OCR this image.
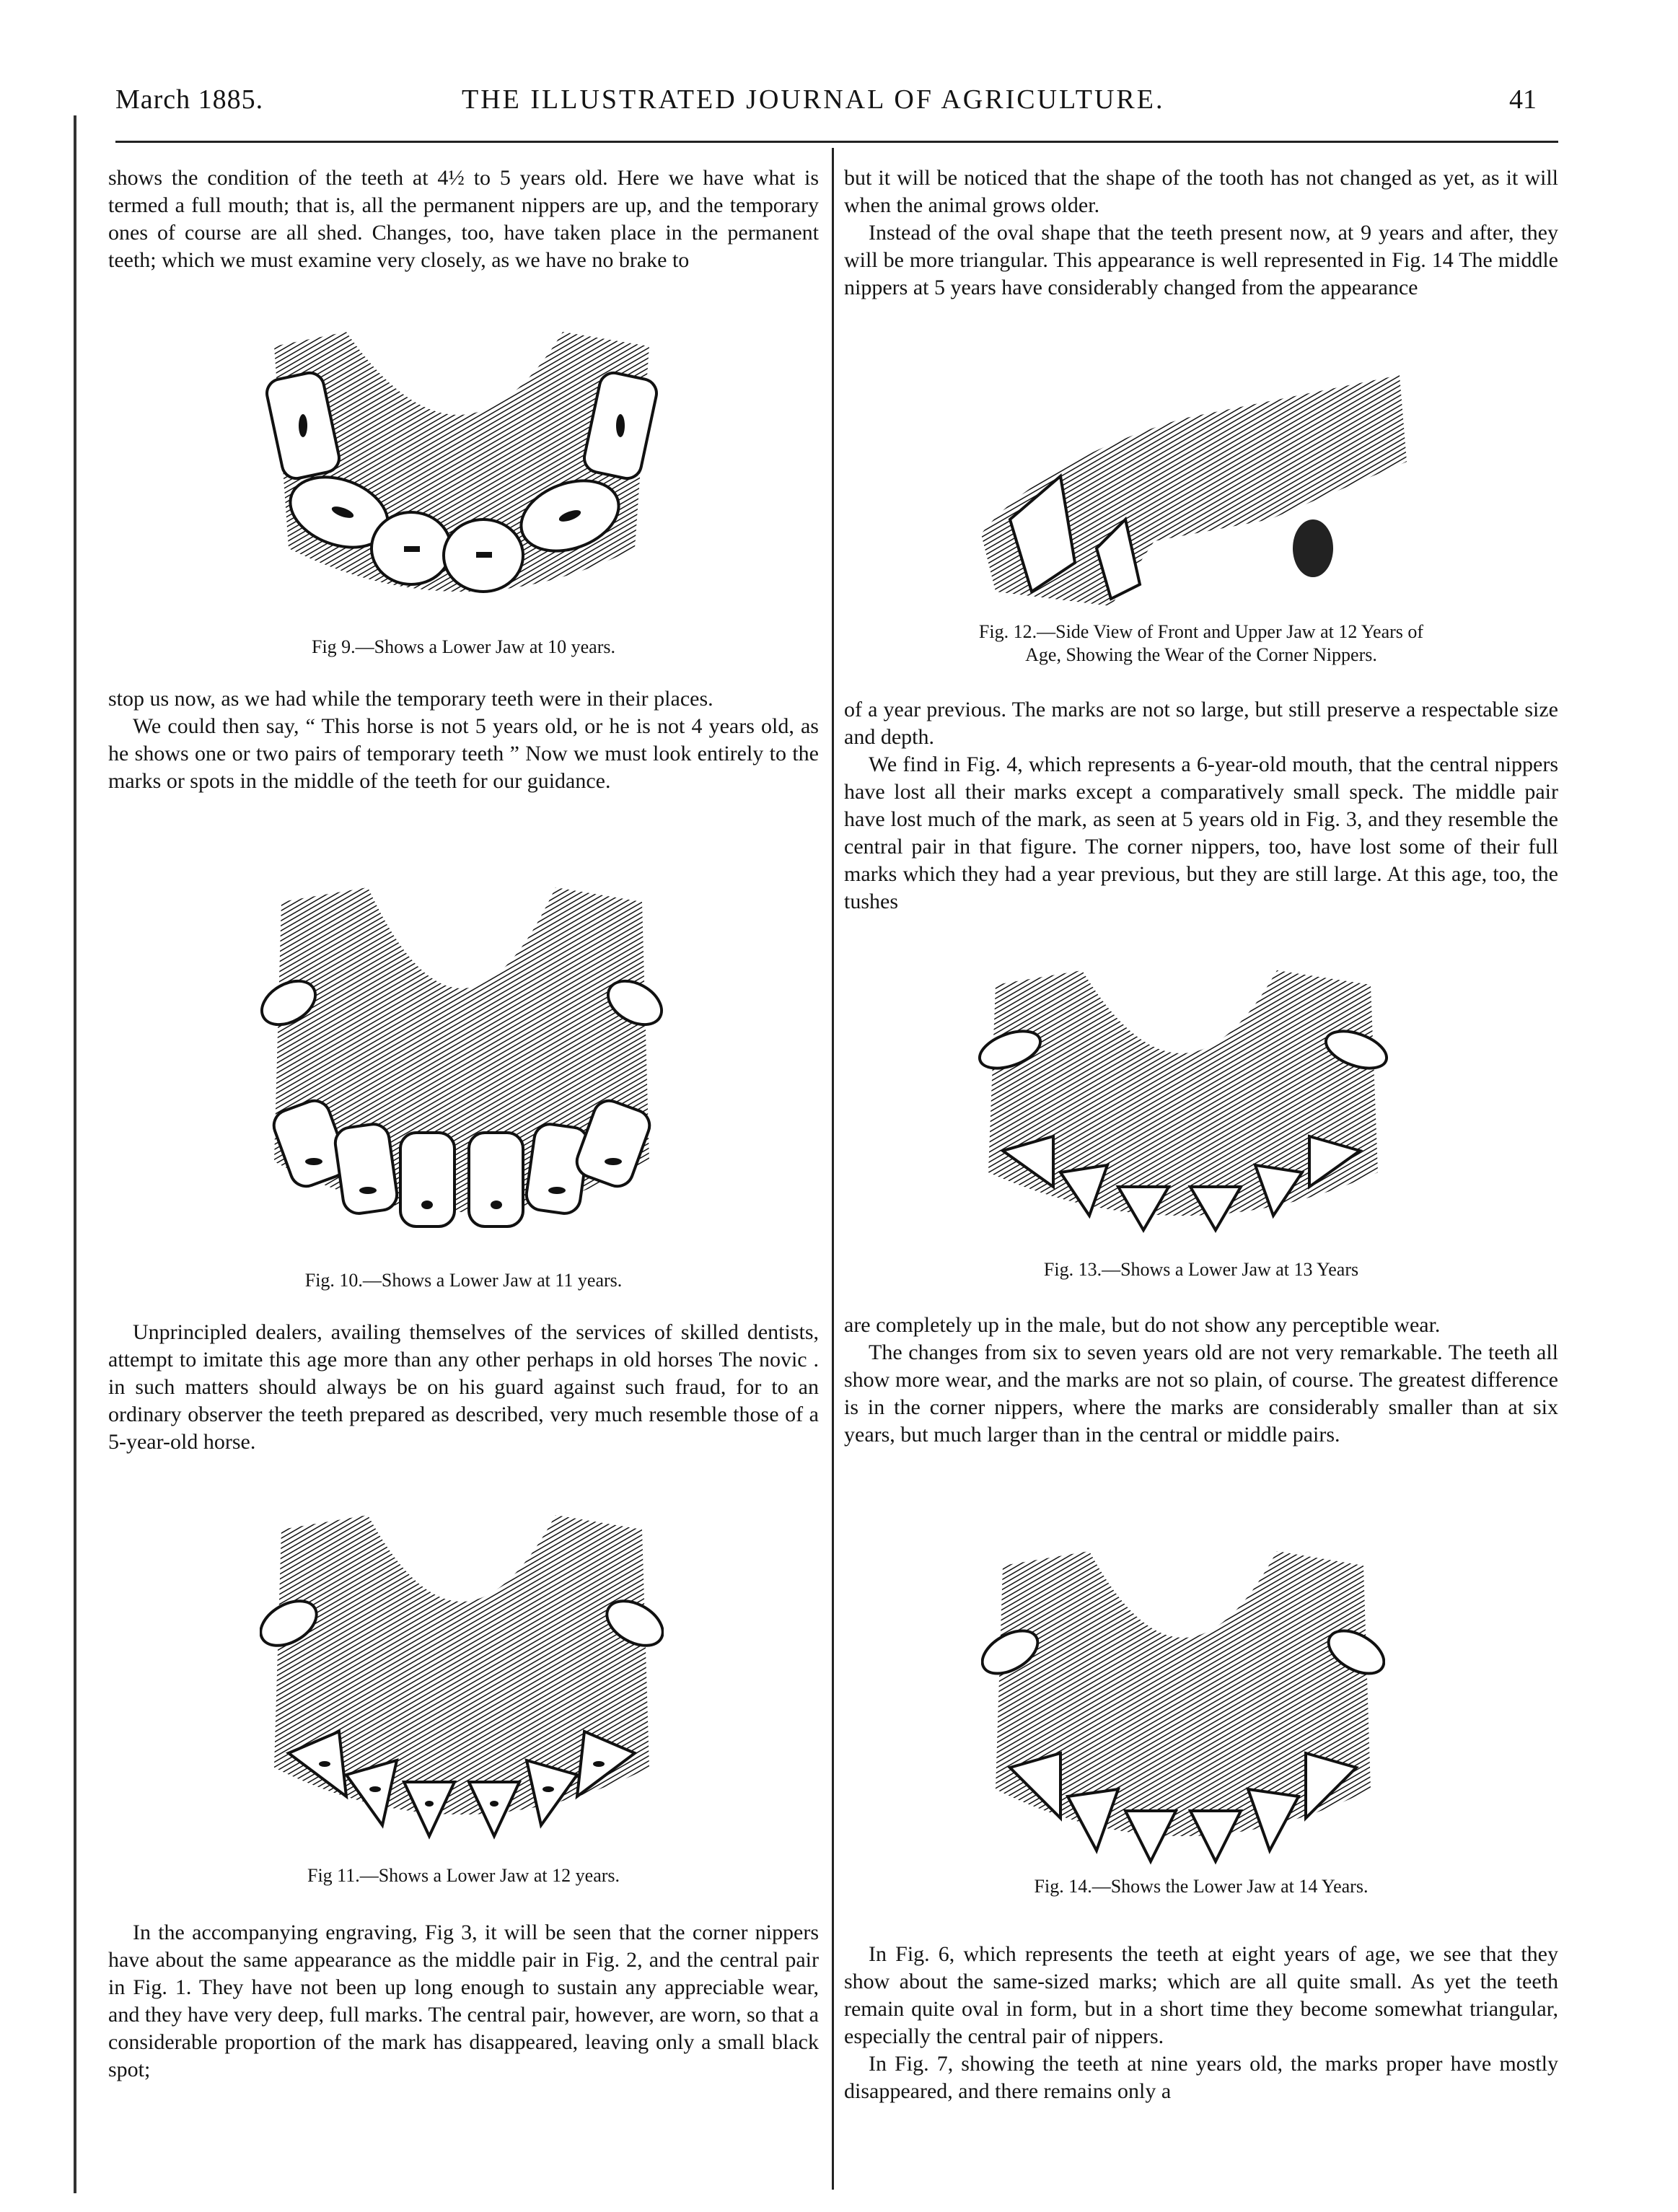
March 1885.	THE ILLUSTRATED JOURNAL OF AGRICULTURE.	41

shows the condition of the teeth at 4½ to 5 years old. Here we have what is termed a full mouth; that is, all the permanent nippers are up, and the temporary ones of course are all shed. Changes, too, have taken place in the permanent teeth; which we must examine very closely, as we have no brake to

Fig 9.—Shows a Lower Jaw at 10 years.

stop us now, as we had while the temporary teeth were in their places.

We could then say, “ This horse is not 5 years old, or he is not 4 years old, as he shows one or two pairs of temporary teeth ” Now we must look entirely to the marks or spots in the middle of the teeth for our guidance.

Fig. 10.—Shows a Lower Jaw at 11 years.

Unprincipled dealers, availing themselves of the services of skilled dentists, attempt to imitate this age more than any other perhaps in old horses The novic . in such matters should always be on his guard against such fraud, for to an ordinary observer the teeth prepared as described, very much resemble those of a 5-year-old horse.

Fig 11.—Shows a Lower Jaw at 12 years.

In the accompanying engraving, Fig 3, it will be seen that the corner nippers have about the same appearance as the middle pair in Fig. 2, and the central pair in Fig. 1. They have not been up long enough to sustain any appreciable wear, and they have very deep, full marks. The central pair, however, are worn, so that a considerable proportion of the mark has disappeared, leaving only a small black spot;

but it will be noticed that the shape of the tooth has not changed as yet, as it will when the animal grows older.

Instead of the oval shape that the teeth present now, at 9 years and after, they will be more triangular. This appearance is well represented in Fig. 14 The middle nippers at 5 years have considerably changed from the appearance

Fig. 12.—Side View of Front and Upper Jaw at 12 Years of
Age, Showing the Wear of the Corner Nippers.

of a year previous. The marks are not so large, but still preserve a respectable size and depth.

We find in Fig. 4, which represents a 6-year-old mouth, that the central nippers have lost all their marks except a comparatively small speck. The middle pair have lost much of the mark, as seen at 5 years old in Fig. 3, and they resemble the central pair in that figure. The corner nippers, too, have lost some of their full marks which they had a year previous, but they are still large. At this age, too, the tushes

Fig. 13.—Shows a Lower Jaw at 13 Years

are completely up in the male, but do not show any perceptible wear.

The changes from six to seven years old are not very remarkable. The teeth all show more wear, and the marks are not so plain, of course. The greatest difference is in the corner nippers, where the marks are considerably smaller than at six years, but much larger than in the central or middle pairs.

Fig. 14.—Shows the Lower Jaw at 14 Years.

In Fig. 6, which represents the teeth at eight years of age, we see that they show about the same-sized marks; which are all quite small. As yet the teeth remain quite oval in form, but in a short time they become somewhat triangular, especially the central pair of nippers.

In Fig. 7, showing the teeth at nine years old, the marks proper have mostly disappeared, and there remains only a
